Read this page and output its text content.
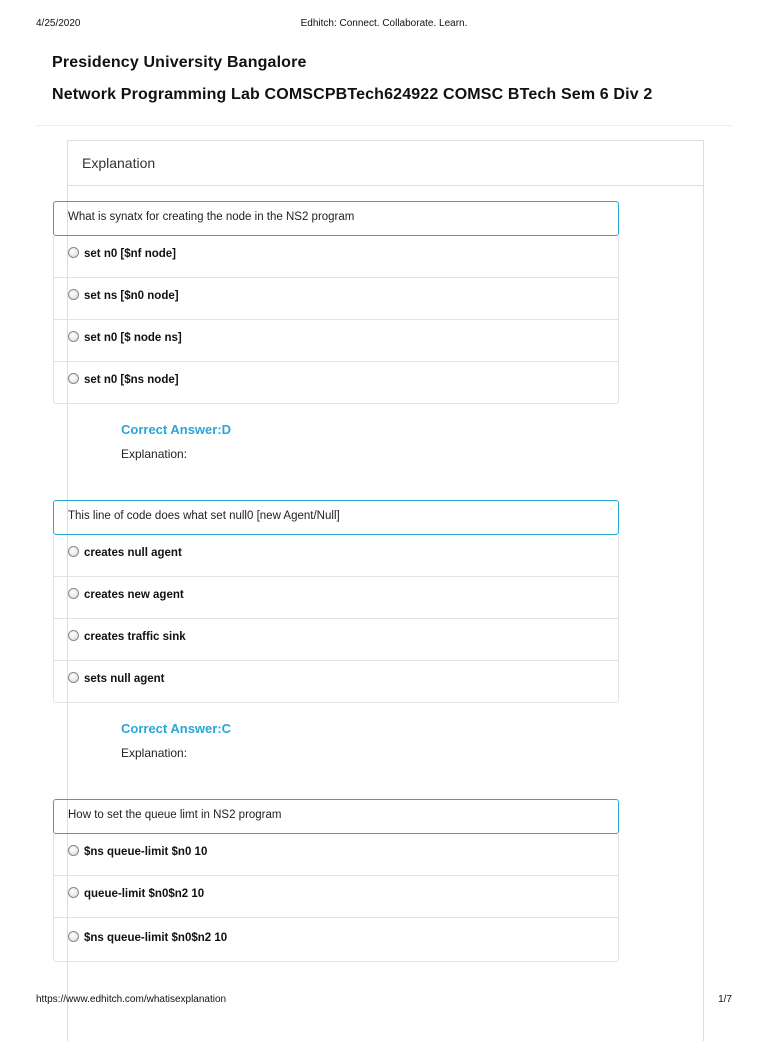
4/25/2020	Edhitch: Connect. Collaborate. Learn.
Presidency University Bangalore
Network Programming Lab COMSCPBTech624922 COMSC BTech Sem 6 Div 2
Explanation
What is synatx for creating the node in the NS2 program
set n0 [$nf node]
set ns [$n0 node]
set n0 [$ node ns]
set n0 [$ns node]
Correct Answer:D
Explanation:
This line of code does what set null0 [new Agent/Null]
creates null agent
creates new agent
creates traffic sink
sets null agent
Correct Answer:C
Explanation:
How to set the queue limt in NS2 program
$ns queue-limit $n0 10
queue-limit $n0$n2 10
$ns queue-limit $n0$n2 10
https://www.edhitch.com/whatisexplanation	1/7
